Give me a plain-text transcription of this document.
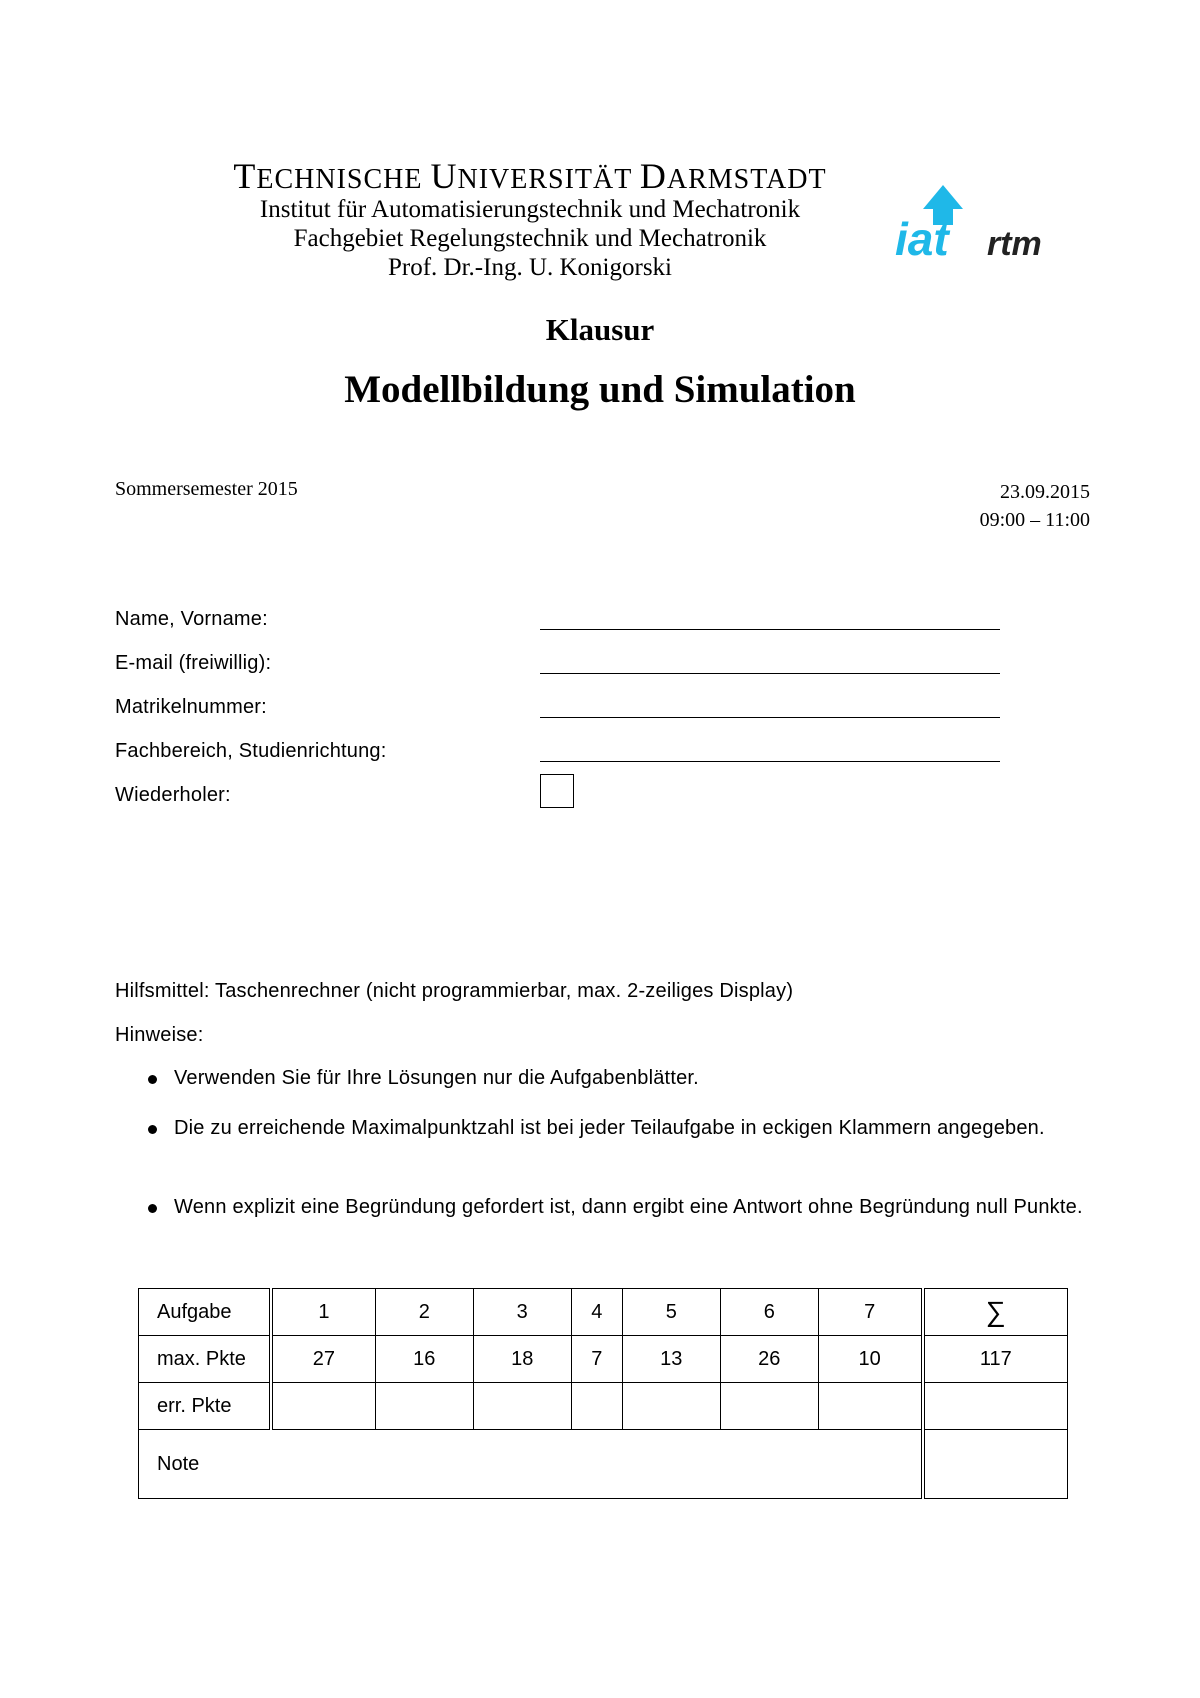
TECHNISCHE UNIVERSITÄT DARMSTADT
Institut für Automatisierungstechnik und Mechatronik
Fachgebiet Regelungstechnik und Mechatronik
Prof. Dr.-Ing. U. Konigorski
iat rtm
Klausur
Modellbildung und Simulation
Sommersemester 2015	23.09.2015
09:00 – 11:00
Name, Vorname:
E-mail (freiwillig):
Matrikelnummer:
Fachbereich, Studienrichtung:
Wiederholer:
Hilfsmittel: Taschenrechner (nicht programmierbar, max. 2-zeiliges Display)
Hinweise:
Verwenden Sie für Ihre Lösungen nur die Aufgabenblätter.
Die zu erreichende Maximalpunktzahl ist bei jeder Teilaufgabe in eckigen Klammern angegeben.
Wenn explizit eine Begründung gefordert ist, dann ergibt eine Antwort ohne Begründung null Punkte.
Aufgabe	1	2	3	4	5	6	7	∑
max. Pkte	27	16	18	7	13	26	10	117
err. Pkte								
Note								
